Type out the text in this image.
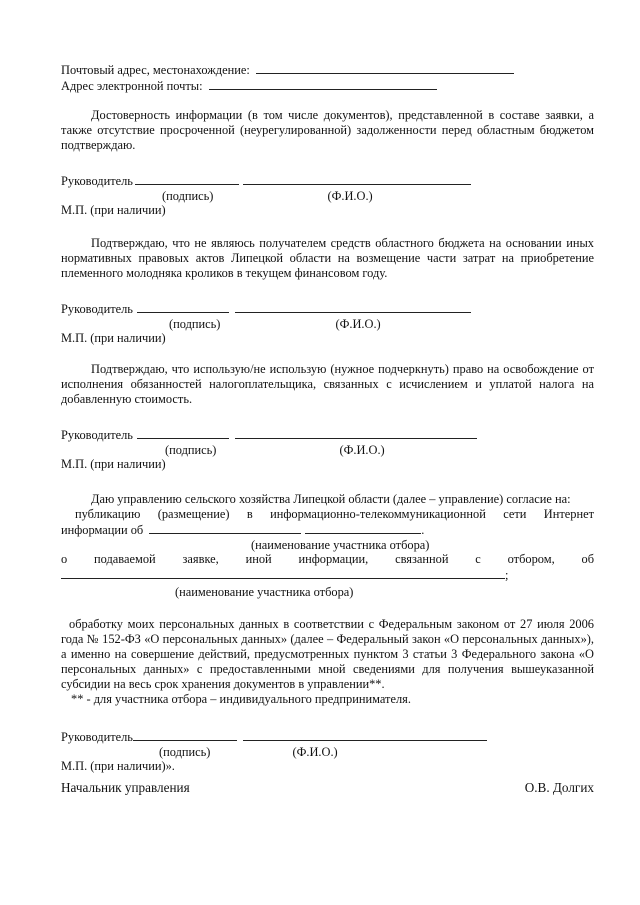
Почтовый адрес, местонахождение:
Адрес электронной почты:

Достоверность информации (в том числе документов), представленной в составе заявки, а также отсутствие просроченной (неурегулированной) задолженности перед областным бюджетом подтверждаю.

Руководитель
(подпись)	(Ф.И.О.)
М.П. (при наличии)

Подтверждаю, что не являюсь получателем средств областного бюджета на основании иных нормативных правовых актов Липецкой области на возмещение части затрат на приобретение племенного молодняка кроликов в текущем финансовом году.

Руководитель
(подпись)	(Ф.И.О.)
М.П. (при наличии)

Подтверждаю, что использую/не использую (нужное подчеркнуть) право на освобождение от исполнения обязанностей налогоплательщика, связанных с исчислением и уплатой налога на добавленную стоимость.

Руководитель
(подпись)	(Ф.И.О.)
М.П. (при наличии)
Даю управлению сельского хозяйства Липецкой области (далее – управление) согласие на:
публикацию (размещение) в информационно-телекоммуникационной сети Интернет
информации об	.
(наименование участника отбора)
о подаваемой заявке, иной информации, связанной с отбором, об
;
(наименование участника отбора)

обработку моих персональных данных в соответствии с Федеральным законом от 27 июля 2006 года № 152-ФЗ «О персональных данных» (далее – Федеральный закон «О персональных данных»), а именно на совершение действий, предусмотренных пунктом 3 статьи 3 Федерального закона «О персональных данных» с предоставленными мной сведениями для получения вышеуказанной субсидии на весь срок хранения документов в управлении**.

** - для участника отбора – индивидуального предпринимателя.
Руководитель
(подпись)	(Ф.И.О.)
М.П. (при наличии)».
Начальник управления	О.В. Долгих
